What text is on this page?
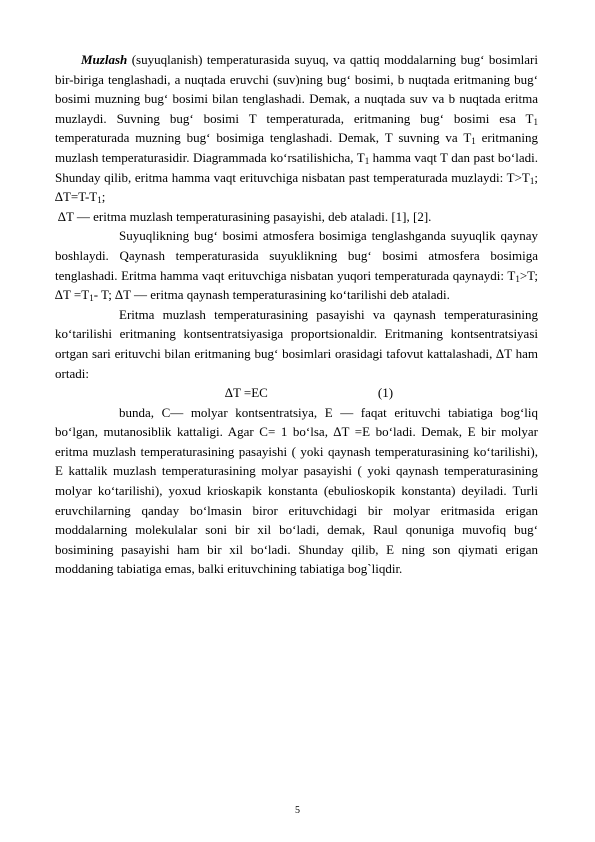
Muzlash (suyuqlanish) temperaturasida suyuq, va qattiq moddalarning bug‘ bosimlari bir-biriga tenglashadi, a nuqtada eruvchi (suv)ning bug‘ bosimi, b nuqtada eritmaning bug‘ bosimi muzning bug‘ bosimi bilan tenglashadi. Demak, a nuqtada suv va b nuqtada eritma muzlaydi. Suvning bug‘ bosimi T temperaturada, eritmaning bug‘ bosimi esa $T_1$ temperaturada muzning bug‘ bosimiga tenglashadi. Demak, T suvning va $T_1$ eritmaning muzlash temperaturasidir. Diagrammada ko‘rsatilishicha, $T_1$ hamma vaqt T dan past bo‘ladi. Shunday qilib, eritma hamma vaqt erituvchiga nisbatan past temperaturada muzlaydi: $T>T_1$; $\Delta T=T-T_1$;

∆T — eritma muzlash temperaturasining pasayishi, deb ataladi. [1], [2].

Suyuqlikning bug‘ bosimi atmosfera bosimiga tenglashganda suyuqlik qaynay boshlaydi. Qaynash temperaturasida suyuklikning bug‘ bosimi atmosfera bosimiga tenglashadi. Eritma hamma vaqt erituvchiga nisbatan yuqori temperaturada qaynaydi: $T_1>T$; $\Delta T =T_1-$ T; ∆T — eritma qaynash temperaturasining ko‘tarilishi deb ataladi.

Eritma muzlash temperaturasining pasayishi va qaynash temperaturasining ko‘tarilishi eritmaning kontsentratsiyasiga proportsionaldir. Eritmaning kontsentratsiyasi ortgan sari erituvchi bilan eritmaning bug‘ bosimlari orasidagi tafovut kattalashadi, ∆T ham ortadi:

∆T =EC	(1)

bunda, C— molyar kontsentratsiya, E — faqat erituvchi tabiatiga bog‘liq bo‘lgan, mutanosiblik kattaligi. Agar C= 1 bo‘lsa, ∆T =E bo‘ladi. Demak, E bir molyar eritma muzlash temperaturasining pasayishi ( yoki qaynash temperaturasining ko‘tarilishi), E kattalik muzlash temperaturasining molyar pasayishi ( yoki qaynash temperaturasining molyar ko‘tarilishi), yoxud krioskapik konstanta (ebulioskopik konstanta) deyiladi. Turli eruvchilarning qanday bo‘lmasin biror erituvchidagi bir molyar eritmasida erigan moddalarning molekulalar soni bir xil bo‘ladi, demak, Raul qonuniga muvofiq bug‘ bosimining pasayishi ham bir xil bo‘ladi. Shunday qilib, E ning son qiymati erigan moddaning tabiatiga emas, balki erituvchining tabiatiga bog`liqdir.

5
